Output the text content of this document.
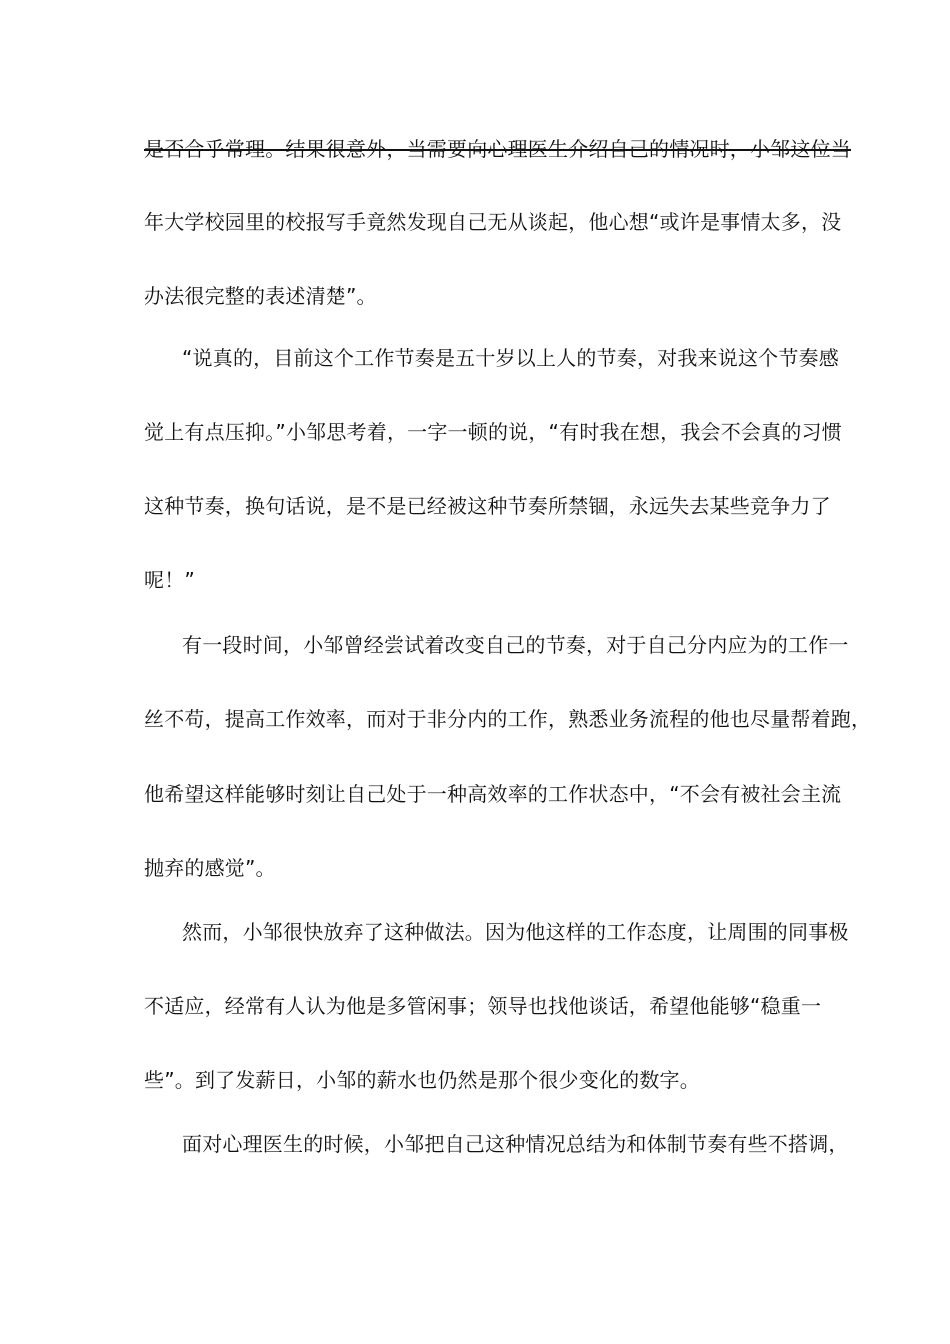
是否合乎常理。结果很意外，当需要向心理医生介绍自己的情况时，小邹这位当

年大学校园里的校报写手竟然发现自己无从谈起，他心想“或许是事情太多，没

办法很完整的表述清楚”。

“说真的，目前这个工作节奏是五十岁以上人的节奏，对我来说这个节奏感

觉上有点压抑。”小邹思考着，一字一顿的说，“有时我在想，我会不会真的习惯

这种节奏，换句话说，是不是已经被这种节奏所禁锢，永远失去某些竞争力了

呢！”

有一段时间，小邹曾经尝试着改变自己的节奏，对于自己分内应为的工作一

丝不苟，提高工作效率，而对于非分内的工作，熟悉业务流程的他也尽量帮着跑，

他希望这样能够时刻让自己处于一种高效率的工作状态中，“不会有被社会主流

抛弃的感觉”。

然而，小邹很快放弃了这种做法。因为他这样的工作态度，让周围的同事极

不适应，经常有人认为他是多管闲事；领导也找他谈话，希望他能够“稳重一

些”。到了发薪日，小邹的薪水也仍然是那个很少变化的数字。

面对心理医生的时候，小邹把自己这种情况总结为和体制节奏有些不搭调，
